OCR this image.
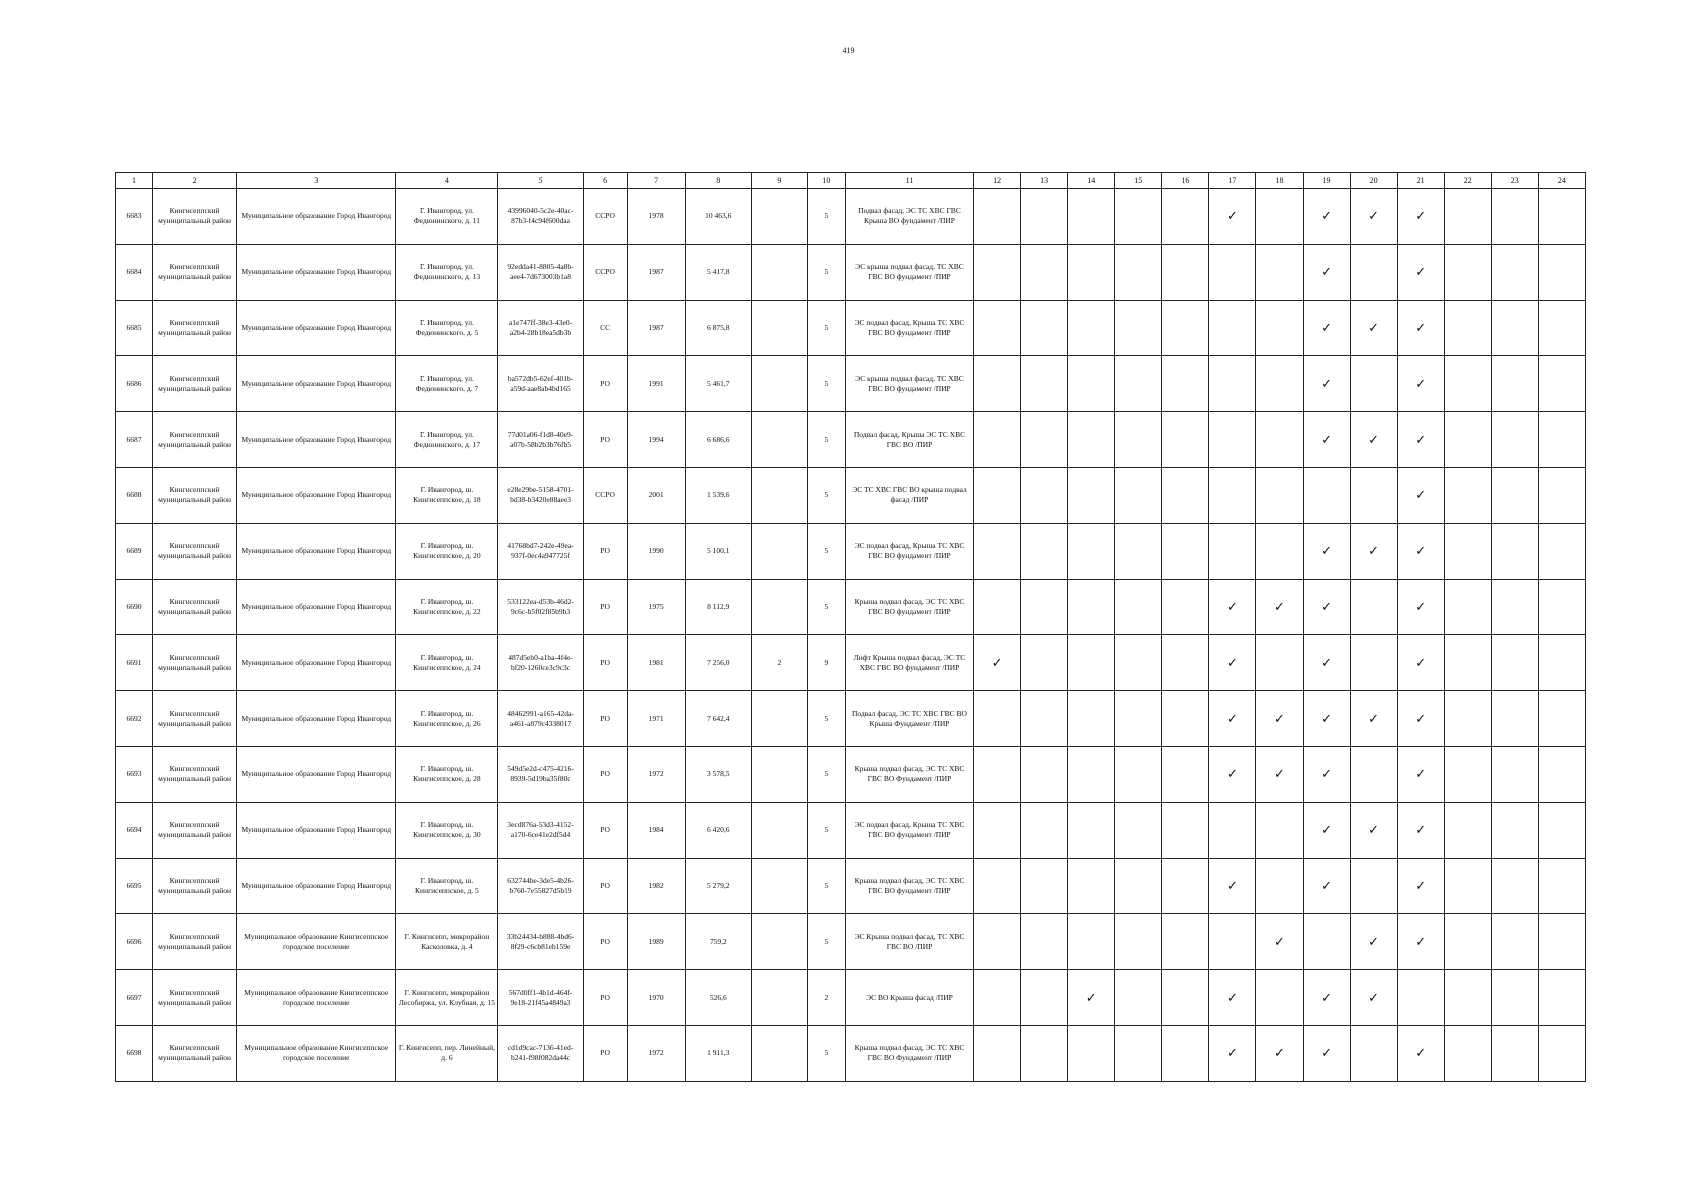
419
1	2	3	4	5	6	7	8	9	10	11	12	13	14	15	16	17	18	19	20	21	22	23	24
6683	Кингисеппский муниципальный район	Муниципальное образование Город Ивангород	Г. Ивангород, ул. Федюнинского, д. 11	43996040-5c2e-40ac-87b3-f4c94f600daa	ССРО	1978	10 463,6		5	Подвал фасад, ЭС ТС ХВС ГВС Крыша ВО фундамент /ПИР						✓		✓	✓	✓			
6684	Кингисеппский муниципальный район	Муниципальное образование Город Ивангород	Г. Ивангород, ул. Федюнинского, д. 13	92edda41-8805-4a8b-aee4-7d673003b1a8	ССРО	1987	5 417,8		5	ЭС крыша подвал фасад, ТС ХВС ГВС ВО фундамент /ПИР								✓		✓			
6685	Кингисеппский муниципальный район	Муниципальное образование Город Ивангород	Г. Ивангород, ул. Федюнинского, д. 5	a1e747ff-38e3-43e0-a2b4-28b18ea5db3b	СС	1987	6 875,8		5	ЭС подвал фасад, Крыша ТС ХВС ГВС ВО фундамент /ПИР								✓	✓	✓			
6686	Кингисеппский муниципальный район	Муниципальное образование Город Ивангород	Г. Ивангород, ул. Федюнинского, д. 7	ba572db5-62ef-401b-a59d-aae8ab4bd165	РО	1991	5 461,7		5	ЭС крыша подвал фасад, ТС ХВС ГВС ВО фундамент /ПИР								✓		✓			
6687	Кингисеппский муниципальный район	Муниципальное образование Город Ивангород	Г. Ивангород, ул. Федюнинского, д. 17	77d01a06-f1d8-40e9-a07b-58b2b3b76fb5	РО	1994	6 686,6		5	Подвал фасад, Крыша ЭС ТС ХВС ГВС ВО /ПИР								✓	✓	✓			
6688	Кингисеппский муниципальный район	Муниципальное образование Город Ивангород	Г. Ивангород, ш. Кингисеппское, д. 18	e28e29be-5158-4701-bd38-b3420e88aee3	ССРО	2001	1 539,6		5	ЭС ТС ХВС ГВС ВО крыша подвал фасад /ПИР										✓			
6689	Кингисеппский муниципальный район	Муниципальное образование Город Ивангород	Г. Ивангород, ш. Кингисеппское, д. 20	41768bd7-242e-49ea-937f-0ec4a947725f	РО	1990	5 100,1		5	ЭС подвал фасад, Крыша ТС ХВС ГВС ВО фундамент /ПИР								✓	✓	✓			
6690	Кингисеппский муниципальный район	Муниципальное образование Город Ивангород	Г. Ивангород, ш. Кингисеппское, д. 22	533122ea-d53b-46d2-9c6c-b5f02f85b9b3	РО	1975	8 112,9		5	Крыша подвал фасад, ЭС ТС ХВС ГВС ВО фундамент /ПИР						✓	✓	✓		✓			
6691	Кингисеппский муниципальный район	Муниципальное образование Город Ивангород	Г. Ивангород, ш. Кингисеппское, д. 24	487d5eb0-a1ba-4f4e-bf20-1260ce3c9c3c	РО	1981	7 256,0	2	9	Лифт Крыша подвал фасад, ЭС ТС ХВС ГВС ВО фундамент /ПИР	✓					✓		✓		✓			
6692	Кингисеппский муниципальный район	Муниципальное образование Город Ивангород	Г. Ивангород, ш. Кингисеппское, д. 26	48462991-a165-42da-a461-a879c4338017	РО	1971	7 642,4		5	Подвал фасад, ЭС ТС ХВС ГВС ВО Крыша Фундамент /ПИР						✓	✓	✓	✓	✓			
6693	Кингисеппский муниципальный район	Муниципальное образование Город Ивангород	Г. Ивангород, ш. Кингисеппское, д. 28	549d5e2d-c475-4216-8939-5d19ba35f80c	РО	1972	3 578,5		5	Крыша подвал фасад, ЭС ТС ХВС ГВС ВО Фундамент /ПИР						✓	✓	✓		✓			
6694	Кингисеппский муниципальный район	Муниципальное образование Город Ивангород	Г. Ивангород, ш. Кингисеппское, д. 30	3ecd876a-53d3-4152-a170-6ce41e2df5d4	РО	1984	6 420,6		5	ЭС подвал фасад, Крыша ТС ХВС ГВС ВО фундамент /ПИР								✓	✓	✓			
6695	Кингисеппский муниципальный район	Муниципальное образование Город Ивангород	Г. Ивангород, ш. Кингисеппское, д. 5	632744be-3de5-4b26-b760-7e55827d5b19	РО	1982	5 279,2		5	Крыша подвал фасад, ЭС ТС ХВС ГВС ВО фундамент /ПИР						✓		✓		✓			
6696	Кингисеппский муниципальный район	Муниципальное образование Кингисеппское городское поселение	Г. Кингисепп, микрорайон Касколовка, д. 4	33b24434-b888-4bd6-8f29-c6cb81eb159e	РО	1989	759,2		5	ЭС Крыша подвал фасад, ТС ХВС ГВС ВО /ПИР							✓		✓	✓			
6697	Кингисеппский муниципальный район	Муниципальное образование Кингисеппское городское поселение	Г. Кингисепп, микрорайон Лесобиржа, ул. Клубная, д. 15	567d0ff1-4b1d-464f-9e18-21f45a4849a3	РО	1970	526,6		2	ЭС ВО Крыша фасад /ПИР			✓			✓		✓	✓				
6698	Кингисеппский муниципальный район	Муниципальное образование Кингисеппское городское поселение	Г. Кингисепп, пер. Линейный, д. 6	cd1d9cac-7136-41ed-b241-f98f082da44c	РО	1972	1 911,3		5	Крыша подвал фасад, ЭС ТС ХВС ГВС ВО Фундамент /ПИР						✓	✓	✓		✓			
